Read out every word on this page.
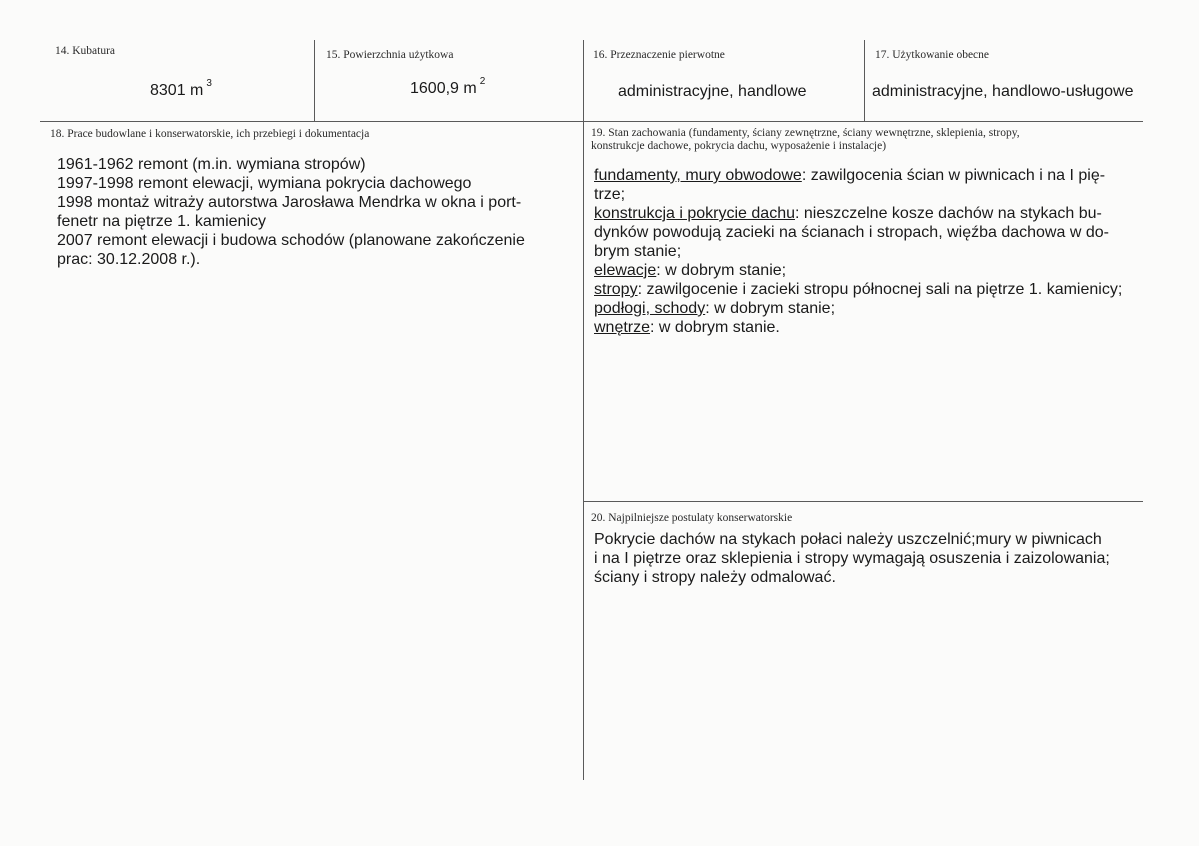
14. Kubatura
8301 m $^3$
15. Powierzchnia użytkowa
1600,9 m $^2$
16. Przeznaczenie pierwotne
administracyjne, handlowe
17. Użytkowanie obecne
administracyjne, handlowo-usługowe
18. Prace budowlane i konserwatorskie, ich przebiegi i dokumentacja
1961-1962 remont (m.in. wymiana stropów)
1997-1998 remont elewacji, wymiana pokrycia dachowego
1998 montaż witraży autorstwa Jarosława Mendrka w okna i port-
fenetr na piętrze 1. kamienicy
2007 remont elewacji i budowa schodów (planowane zakończenie
prac: 30.12.2008 r.).
19. Stan zachowania (fundamenty, ściany zewnętrzne, ściany wewnętrzne, sklepienia, stropy,
konstrukcje dachowe, pokrycia dachu, wyposażenie i instalacje)
fundamenty, mury obwodowe: zawilgocenia ścian w piwnicach i na I pię-
trze;
konstrukcja i pokrycie dachu: nieszczelne kosze dachów na stykach bu-
dynków powodują zacieki na ścianach i stropach, więźba dachowa w do-
brym stanie;
elewacje: w dobrym stanie;
stropy: zawilgocenie i zacieki stropu północnej sali na piętrze 1. kamienicy;
podłogi, schody: w dobrym stanie;
wnętrze: w dobrym stanie.
20. Najpilniejsze postulaty konserwatorskie
Pokrycie dachów na stykach połaci należy uszczelnić;mury w piwnicach
i na I piętrze oraz sklepienia i stropy wymagają osuszenia i zaizolowania;
ściany i stropy należy odmalować.
